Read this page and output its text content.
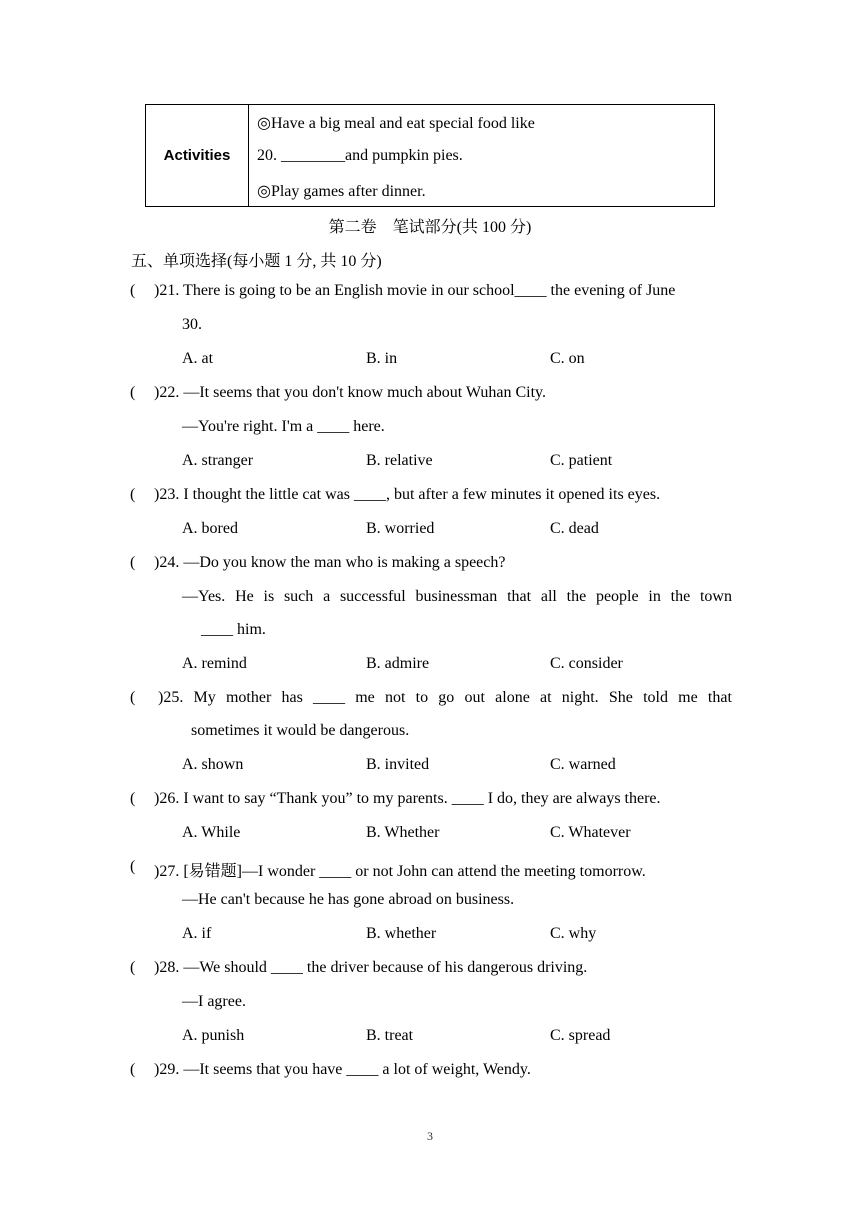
Activities
◎Have a big meal and eat special food like
20. ________and pumpkin pies.
◎Play games after dinner.
第二卷　笔试部分(共 100 分)
五、单项选择(每小题 1 分, 共 10 分)
( )21. There is going to be an English movie in our school____ the evening of June
30.
A. at	B. in	C. on
( )22. —It seems that you don't know much about Wuhan City.
—You're right. I'm a ____ here.
A. stranger	B. relative	C. patient
( )23. I thought the little cat was ____, but after a few minutes it opened its eyes.
A. bored	B. worried	C. dead
( )24. —Do you know the man who is making a speech?
—Yes. He is such a successful businessman that all the people in the town
____ him.
A. remind	B. admire	C. consider
( )25. My mother has ____ me not to go out alone at night. She told me that
sometimes it would be dangerous.
A. shown	B. invited	C. warned
( )26. I want to say “Thank you” to my parents. ____ I do, they are always there.
A. While	B. Whether	C. Whatever
( )27. [易错题]—I wonder ____ or not John can attend the meeting tomorrow.
—He can't because he has gone abroad on business.
A. if	B. whether	C. why
( )28. —We should ____ the driver because of his dangerous driving.
—I agree.
A. punish	B. treat	C. spread
( )29. —It seems that you have ____ a lot of weight, Wendy.
3
